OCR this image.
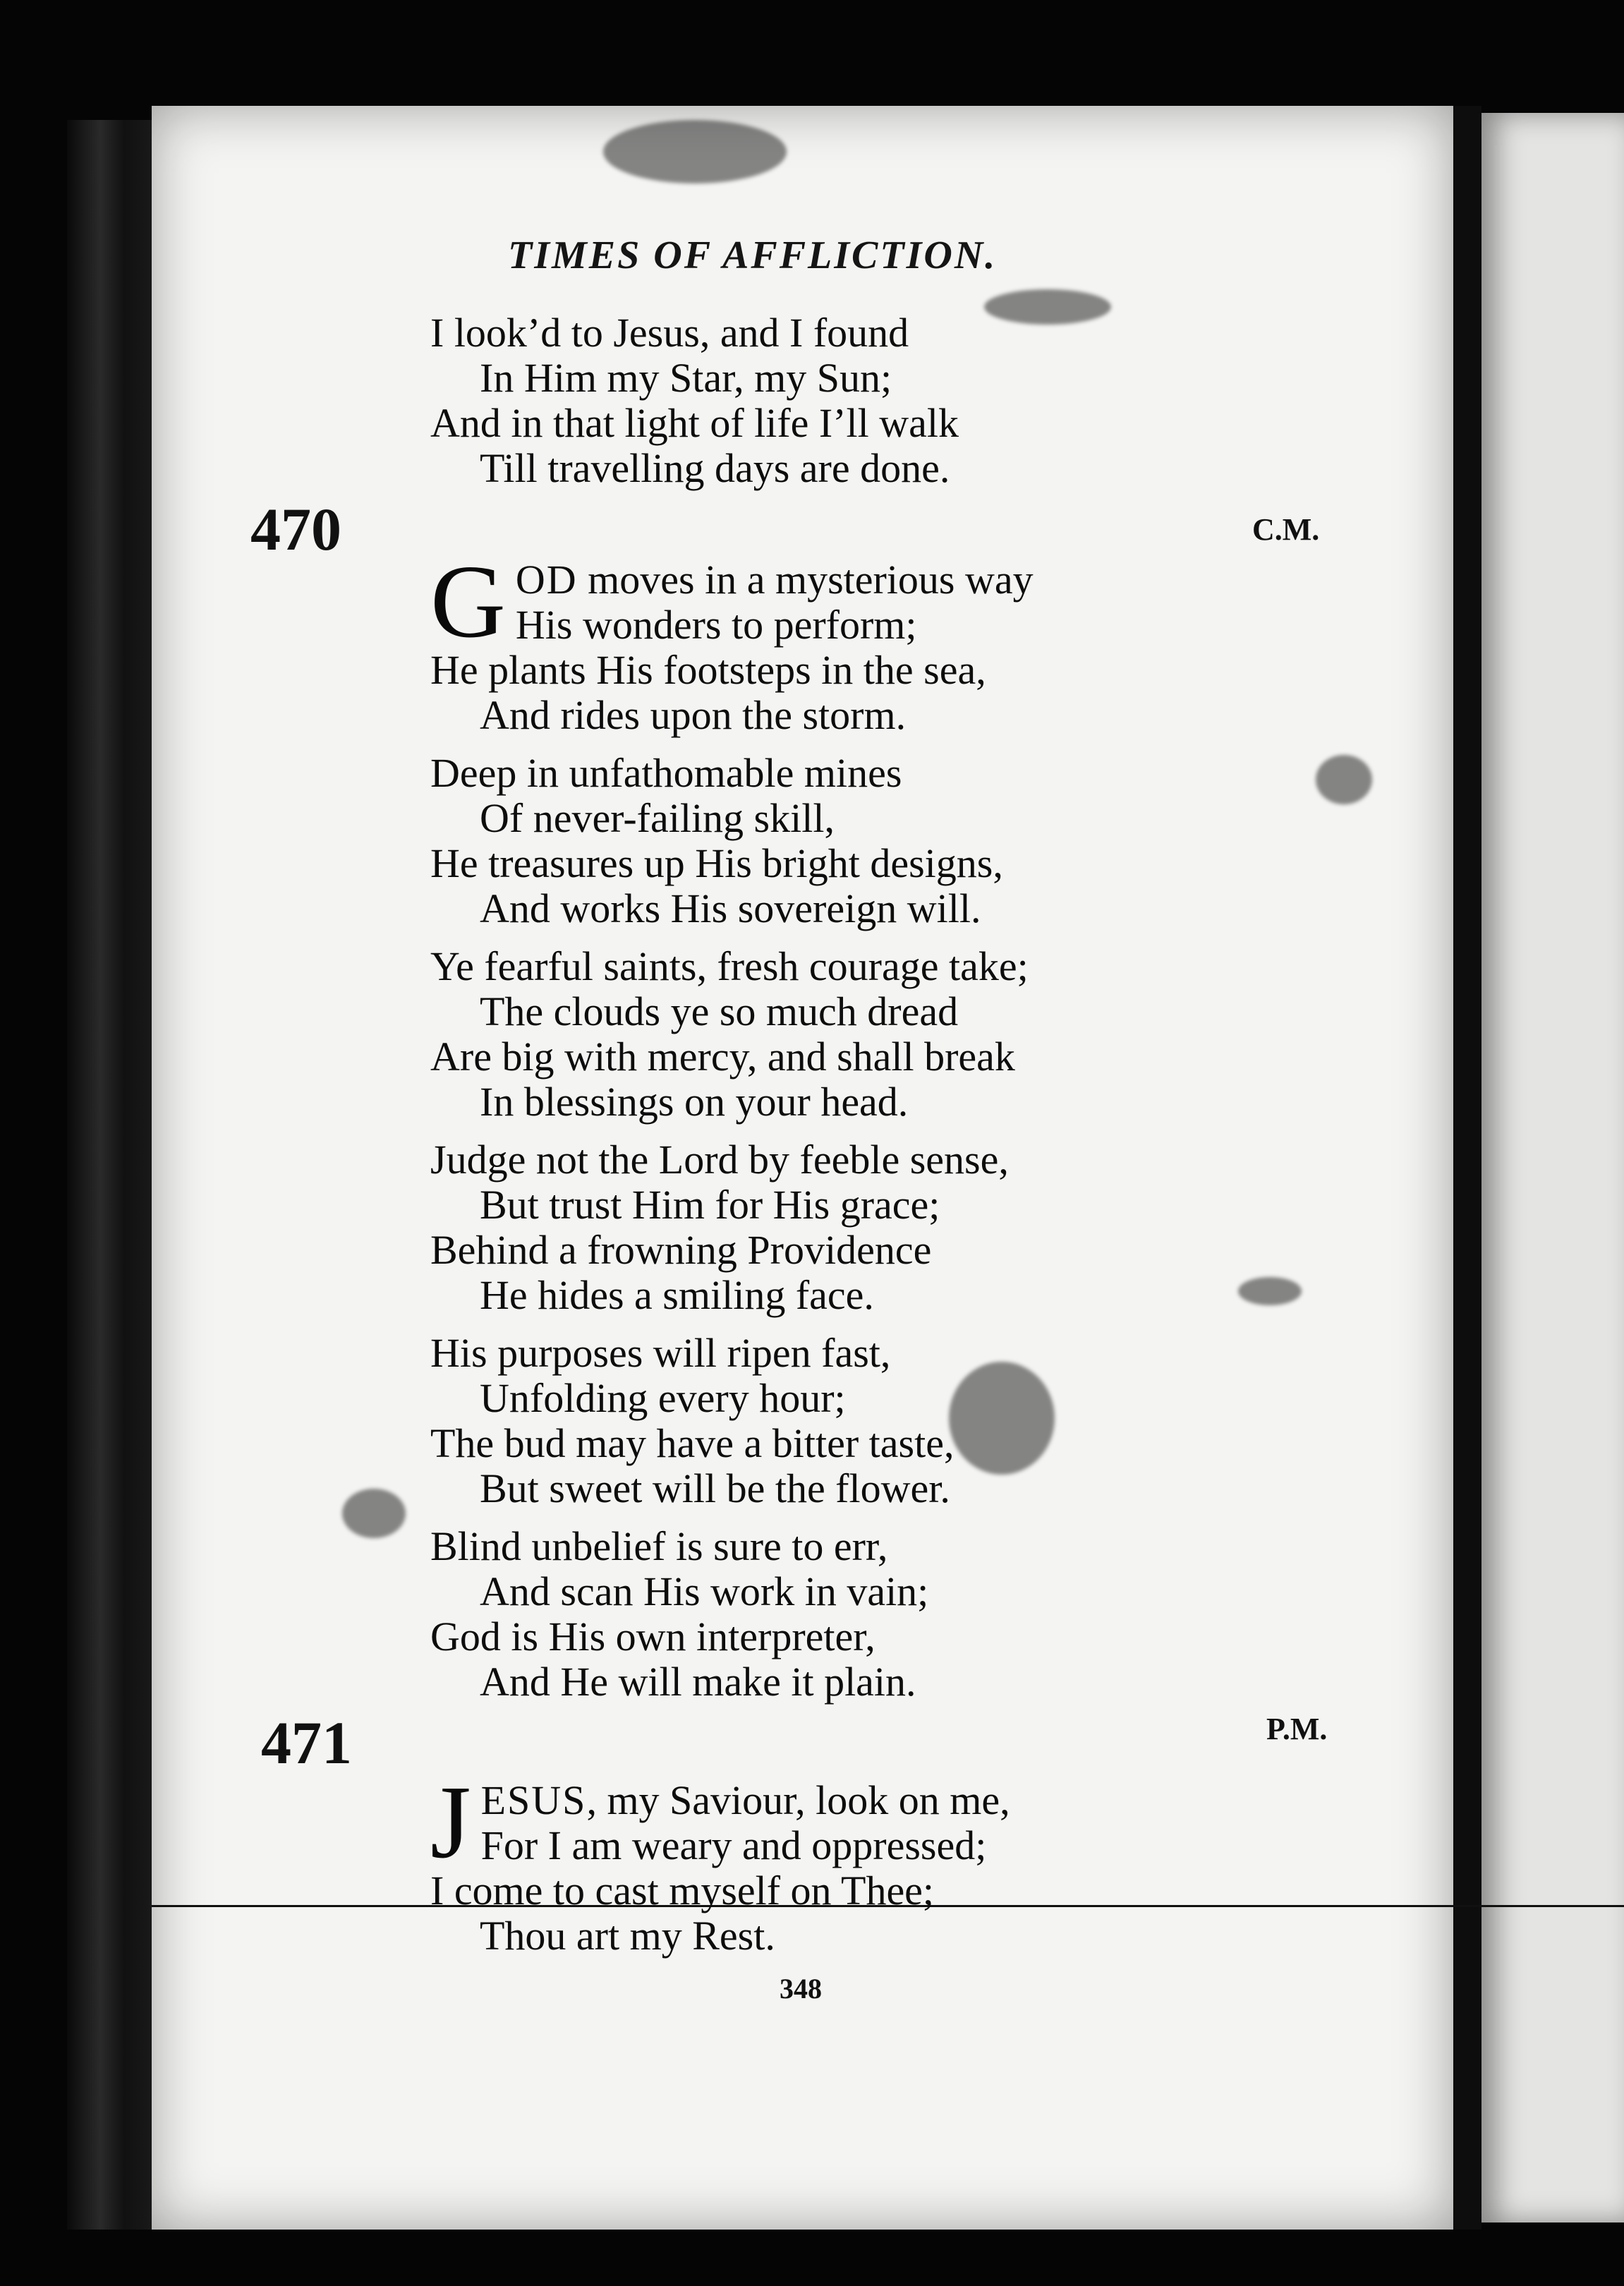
TIMES OF AFFLICTION.
I look’d to Jesus, and I found
In Him my Star, my Sun;
And in that light of life I’ll walk
Till travelling days are done.
470	C.M.
G OD moves in a mysterious way
His wonders to perform;
He plants His footsteps in the sea,
And rides upon the storm.
Deep in unfathomable mines
Of never-failing skill,
He treasures up His bright designs,
And works His sovereign will.
Ye fearful saints, fresh courage take;
The clouds ye so much dread
Are big with mercy, and shall break
In blessings on your head.
Judge not the Lord by feeble sense,
But trust Him for His grace;
Behind a frowning Providence
He hides a smiling face.
His purposes will ripen fast,
Unfolding every hour;
The bud may have a bitter taste,
But sweet will be the flower.
Blind unbelief is sure to err,
And scan His work in vain;
God is His own interpreter,
And He will make it plain.
471	P.M.
J ESUS, my Saviour, look on me,
For I am weary and oppressed;
I come to cast myself on Thee;
Thou art my Rest.
348
